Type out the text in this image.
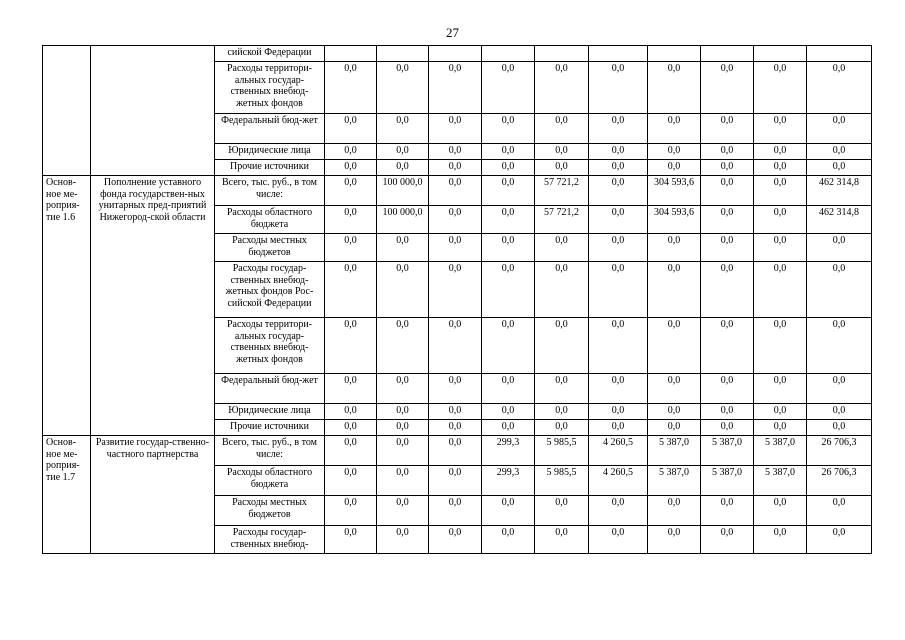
27
		сийской Федерации										
		Расходы территори-альных государ-ственных внебюд-жетных фондов	0,0	0,0	0,0	0,0	0,0	0,0	0,0	0,0	0,0	0,0
		Федеральный бюд-жет	0,0	0,0	0,0	0,0	0,0	0,0	0,0	0,0	0,0	0,0
		Юридические лица	0,0	0,0	0,0	0,0	0,0	0,0	0,0	0,0	0,0	0,0
		Прочие источники	0,0	0,0	0,0	0,0	0,0	0,0	0,0	0,0	0,0	0,0
Основ-ное ме-роприя-тие 1.6	Пополнение уставного фонда государствен-ных унитарных пред-приятий Нижегород-ской области	Всего, тыс. руб., в том числе:	0,0	100 000,0	0,0	0,0	57 721,2	0,0	304 593,6	0,0	0,0	462 314,8
		Расходы областного бюджета	0,0	100 000,0	0,0	0,0	57 721,2	0,0	304 593,6	0,0	0,0	462 314,8
		Расходы местных бюджетов	0,0	0,0	0,0	0,0	0,0	0,0	0,0	0,0	0,0	0,0
		Расходы государ-ственных внебюд-жетных фондов Рос-сийской Федерации	0,0	0,0	0,0	0,0	0,0	0,0	0,0	0,0	0,0	0,0
		Расходы территори-альных государ-ственных внебюд-жетных фондов	0,0	0,0	0,0	0,0	0,0	0,0	0,0	0,0	0,0	0,0
		Федеральный бюд-жет	0,0	0,0	0,0	0,0	0,0	0,0	0,0	0,0	0,0	0,0
		Юридические лица	0,0	0,0	0,0	0,0	0,0	0,0	0,0	0,0	0,0	0,0
		Прочие источники	0,0	0,0	0,0	0,0	0,0	0,0	0,0	0,0	0,0	0,0
Основ-ное ме-роприя-тие 1.7	Развитие государ-ственно-частного партнерства	Всего, тыс. руб., в том числе:	0,0	0,0	0,0	299,3	5 985,5	4 260,5	5 387,0	5 387,0	5 387,0	26 706,3
		Расходы областного бюджета	0,0	0,0	0,0	299,3	5 985,5	4 260,5	5 387,0	5 387,0	5 387,0	26 706,3
		Расходы местных бюджетов	0,0	0,0	0,0	0,0	0,0	0,0	0,0	0,0	0,0	0,0
		Расходы государ-ственных внебюд-	0,0	0,0	0,0	0,0	0,0	0,0	0,0	0,0	0,0	0,0
